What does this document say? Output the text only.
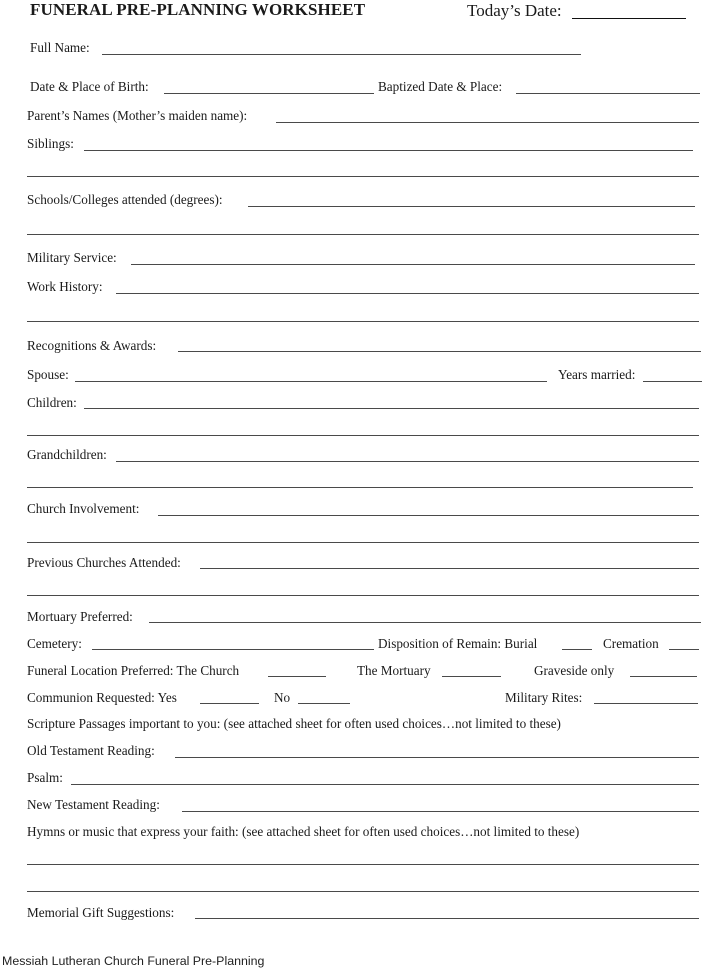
FUNERAL PRE-PLANNING WORKSHEET	Today’s Date:
Full Name:
Date & Place of Birth:	Baptized Date & Place:
Parent’s Names (Mother’s maiden name):
Siblings:
Schools/Colleges attended (degrees):
Military Service:
Work History:
Recognitions & Awards:
Spouse:	Years married:
Children:
Grandchildren:
Church Involvement:
Previous Churches Attended:
Mortuary Preferred:
Cemetery:	Disposition of Remain: Burial	Cremation
Funeral Location Preferred: The Church	The Mortuary	Graveside only
Communion Requested: Yes	No	Military Rites:
Scripture Passages important to you: (see attached sheet for often used choices…not limited to these)
Old Testament Reading:
Psalm:
New Testament Reading:
Hymns or music that express your faith: (see attached sheet for often used choices…not limited to these)
Memorial Gift Suggestions:
Messiah Lutheran Church Funeral Pre-Planning
